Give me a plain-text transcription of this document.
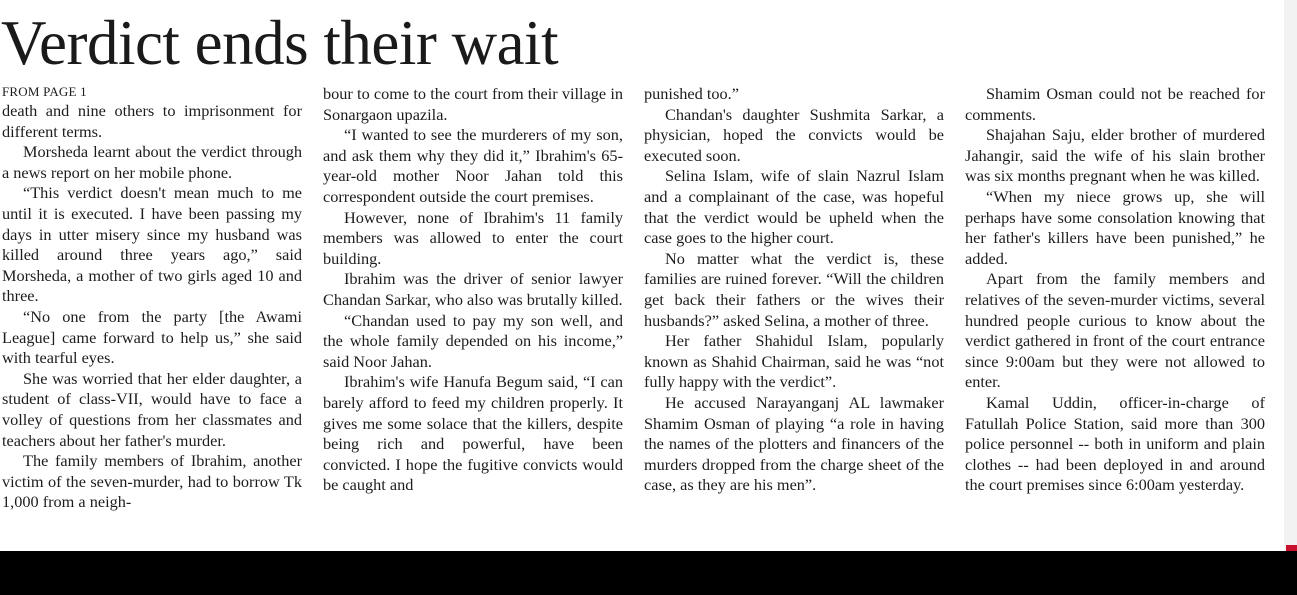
Verdict ends their wait

FROM PAGE 1

death and nine others to imprisonment for different terms.

Morsheda learnt about the verdict through a news report on her mobile phone.

“This verdict doesn't mean much to me until it is executed. I have been passing my days in utter misery since my husband was killed around three years ago,” said Morsheda, a mother of two girls aged 10 and three.

“No one from the party [the Awami League] came forward to help us,” she said with tearful eyes.

She was worried that her elder daughter, a student of class-VII, would have to face a volley of questions from her classmates and teachers about her father's murder.

The family members of Ibrahim, another victim of the seven-murder, had to borrow Tk 1,000 from a neigh-

bour to come to the court from their village in Sonargaon upazila.

“I wanted to see the murderers of my son, and ask them why they did it,” Ibrahim's 65-year-old mother Noor Jahan told this correspondent outside the court premises.

However, none of Ibrahim's 11 family members was allowed to enter the court building.

Ibrahim was the driver of senior lawyer Chandan Sarkar, who also was brutally killed.

“Chandan used to pay my son well, and the whole family depended on his income,” said Noor Jahan.

Ibrahim's wife Hanufa Begum said, “I can barely afford to feed my children properly. It gives me some solace that the killers, despite being rich and powerful, have been convicted. I hope the fugitive convicts would be caught and

punished too.”

Chandan's daughter Sushmita Sarkar, a physician, hoped the convicts would be executed soon.

Selina Islam, wife of slain Nazrul Islam and a complainant of the case, was hopeful that the verdict would be upheld when the case goes to the higher court.

No matter what the verdict is, these families are ruined forever. “Will the children get back their fathers or the wives their husbands?” asked Selina, a mother of three.

Her father Shahidul Islam, popularly known as Shahid Chairman, said he was “not fully happy with the verdict”.

He accused Narayanganj AL lawmaker Shamim Osman of playing “a role in having the names of the plotters and financers of the murders dropped from the charge sheet of the case, as they are his men”.

Shamim Osman could not be reached for comments.

Shajahan Saju, elder brother of murdered Jahangir, said the wife of his slain brother was six months pregnant when he was killed.

“When my niece grows up, she will perhaps have some consolation knowing that her father's killers have been punished,” he added.

Apart from the family members and relatives of the seven-murder victims, several hundred people curious to know about the verdict gathered in front of the court entrance since 9:00am but they were not allowed to enter.

Kamal Uddin, officer-in-charge of Fatullah Police Station, said more than 300 police personnel -- both in uniform and plain clothes -- had been deployed in and around the court premises since 6:00am yesterday.
